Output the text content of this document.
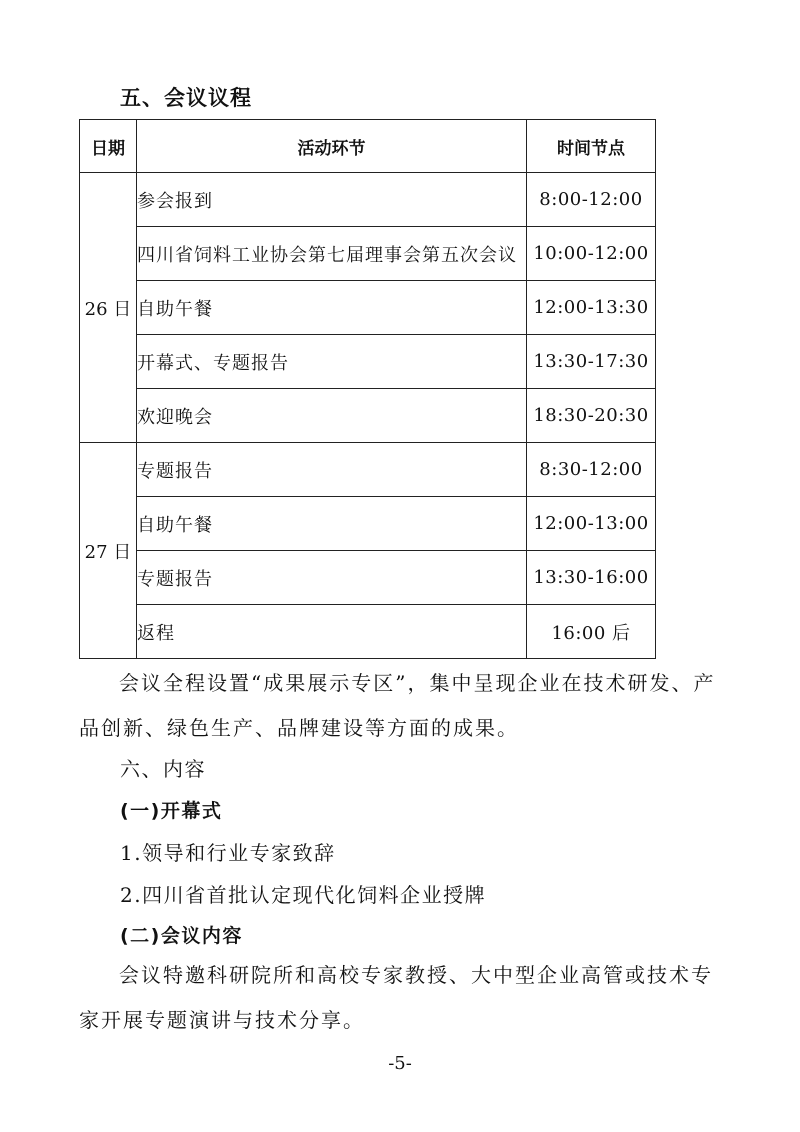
五、会议议程
日期	活动环节	时间节点
26 日	参会报到	8:00-12:00
	四川省饲料工业协会第七届理事会第五次会议	10:00-12:00
	自助午餐	12:00-13:30
	开幕式、专题报告	13:30-17:30
	欢迎晚会	18:30-20:30
27 日	专题报告	8:30-12:00
	自助午餐	12:00-13:00
	专题报告	13:30-16:00
	返程	16:00 后
会议全程设置“成果展示专区”，集中呈现企业在技术研发、产品创新、绿色生产、品牌建设等方面的成果。
六、内容
(一)开幕式
1.领导和行业专家致辞
2.四川省首批认定现代化饲料企业授牌
(二)会议内容
会议特邀科研院所和高校专家教授、大中型企业高管或技术专家开展专题演讲与技术分享。
-5-
